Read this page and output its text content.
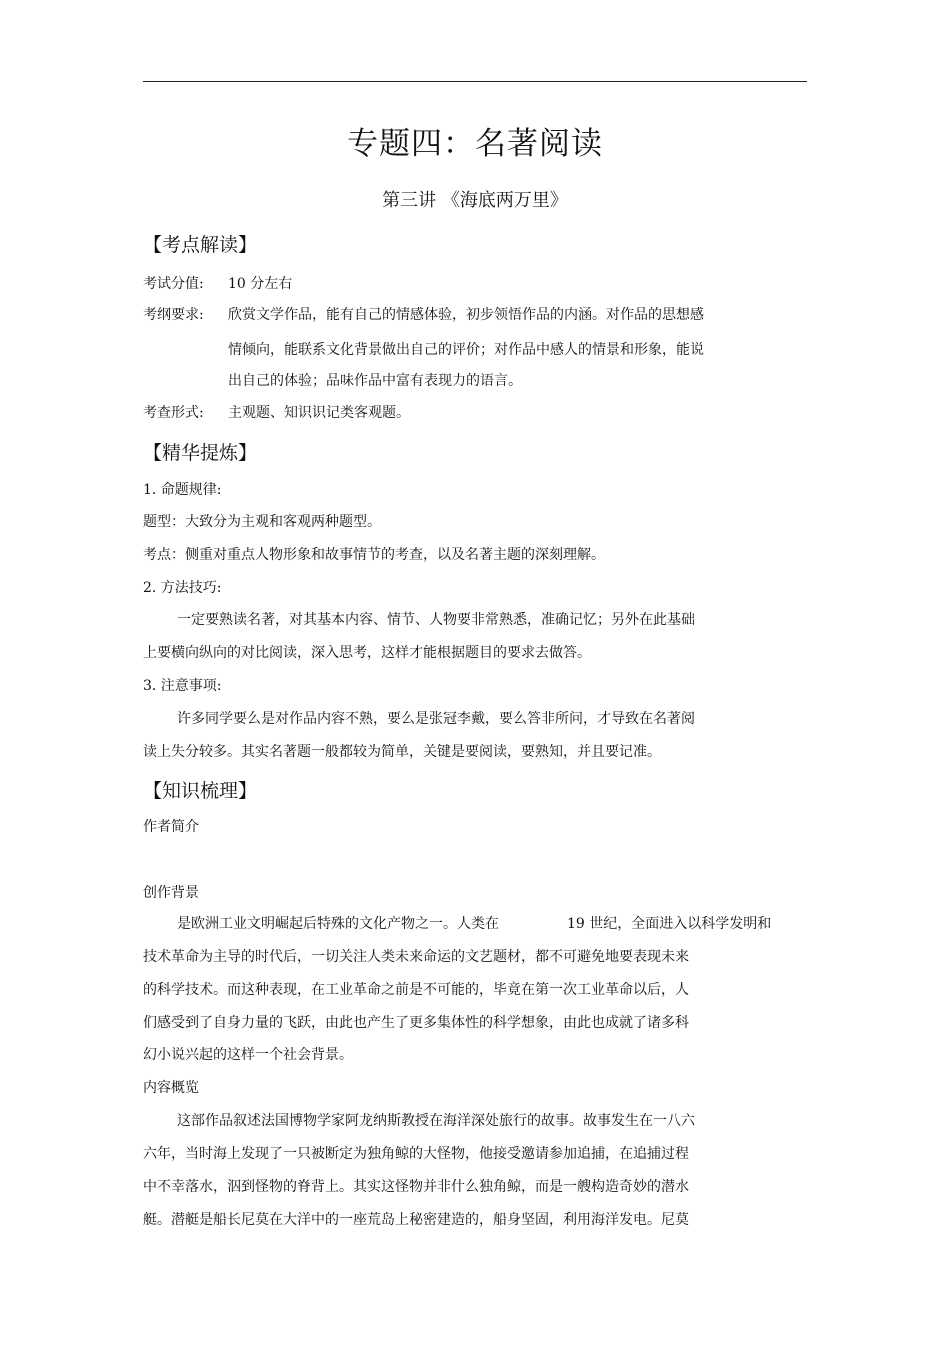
专题四：名著阅读
第三讲 《海底两万里》
【考点解读】
考试分值: 10 分左右
考纲要求: 欣赏文学作品，能有自己的情感体验，初步领悟作品的内涵。对作品的思想感
情倾向，能联系文化背景做出自己的评价；对作品中感人的情景和形象，能说
出自己的体验；品味作品中富有表现力的语言。
考查形式: 主观题、知识识记类客观题。
【精华提炼】
1. 命题规律:
题型：大致分为主观和客观两种题型。
考点：侧重对重点人物形象和故事情节的考查，以及名著主题的深刻理解。
2. 方法技巧:
一定要熟读名著，对其基本内容、情节、人物要非常熟悉，准确记忆；另外在此基础
上要横向纵向的对比阅读，深入思考，这样才能根据题目的要求去做答。
3. 注意事项:
许多同学要么是对作品内容不熟，要么是张冠李戴，要么答非所问，才导致在名著阅
读上失分较多。其实名著题一般都较为简单，关键是要阅读，要熟知，并且要记准。
【知识梳理】
作者简介
创作背景
是欧洲工业文明崛起后特殊的文化产物之一。人类在	19 世纪，全面进入以科学发明和
技术革命为主导的时代后，一切关注人类未来命运的文艺题材，都不可避免地要表现未来
的科学技术。而这种表现，在工业革命之前是不可能的，毕竟在第一次工业革命以后，人
们感受到了自身力量的飞跃，由此也产生了更多集体性的科学想象，由此也成就了诸多科
幻小说兴起的这样一个社会背景。
内容概览
这部作品叙述法国博物学家阿龙纳斯教授在海洋深处旅行的故事。故事发生在一八六
六年，当时海上发现了一只被断定为独角鲸的大怪物，他接受邀请参加追捕，在追捕过程
中不幸落水，泅到怪物的脊背上。其实这怪物并非什么独角鲸，而是一艘构造奇妙的潜水
艇。潜艇是船长尼莫在大洋中的一座荒岛上秘密建造的，船身坚固，利用海洋发电。尼莫
